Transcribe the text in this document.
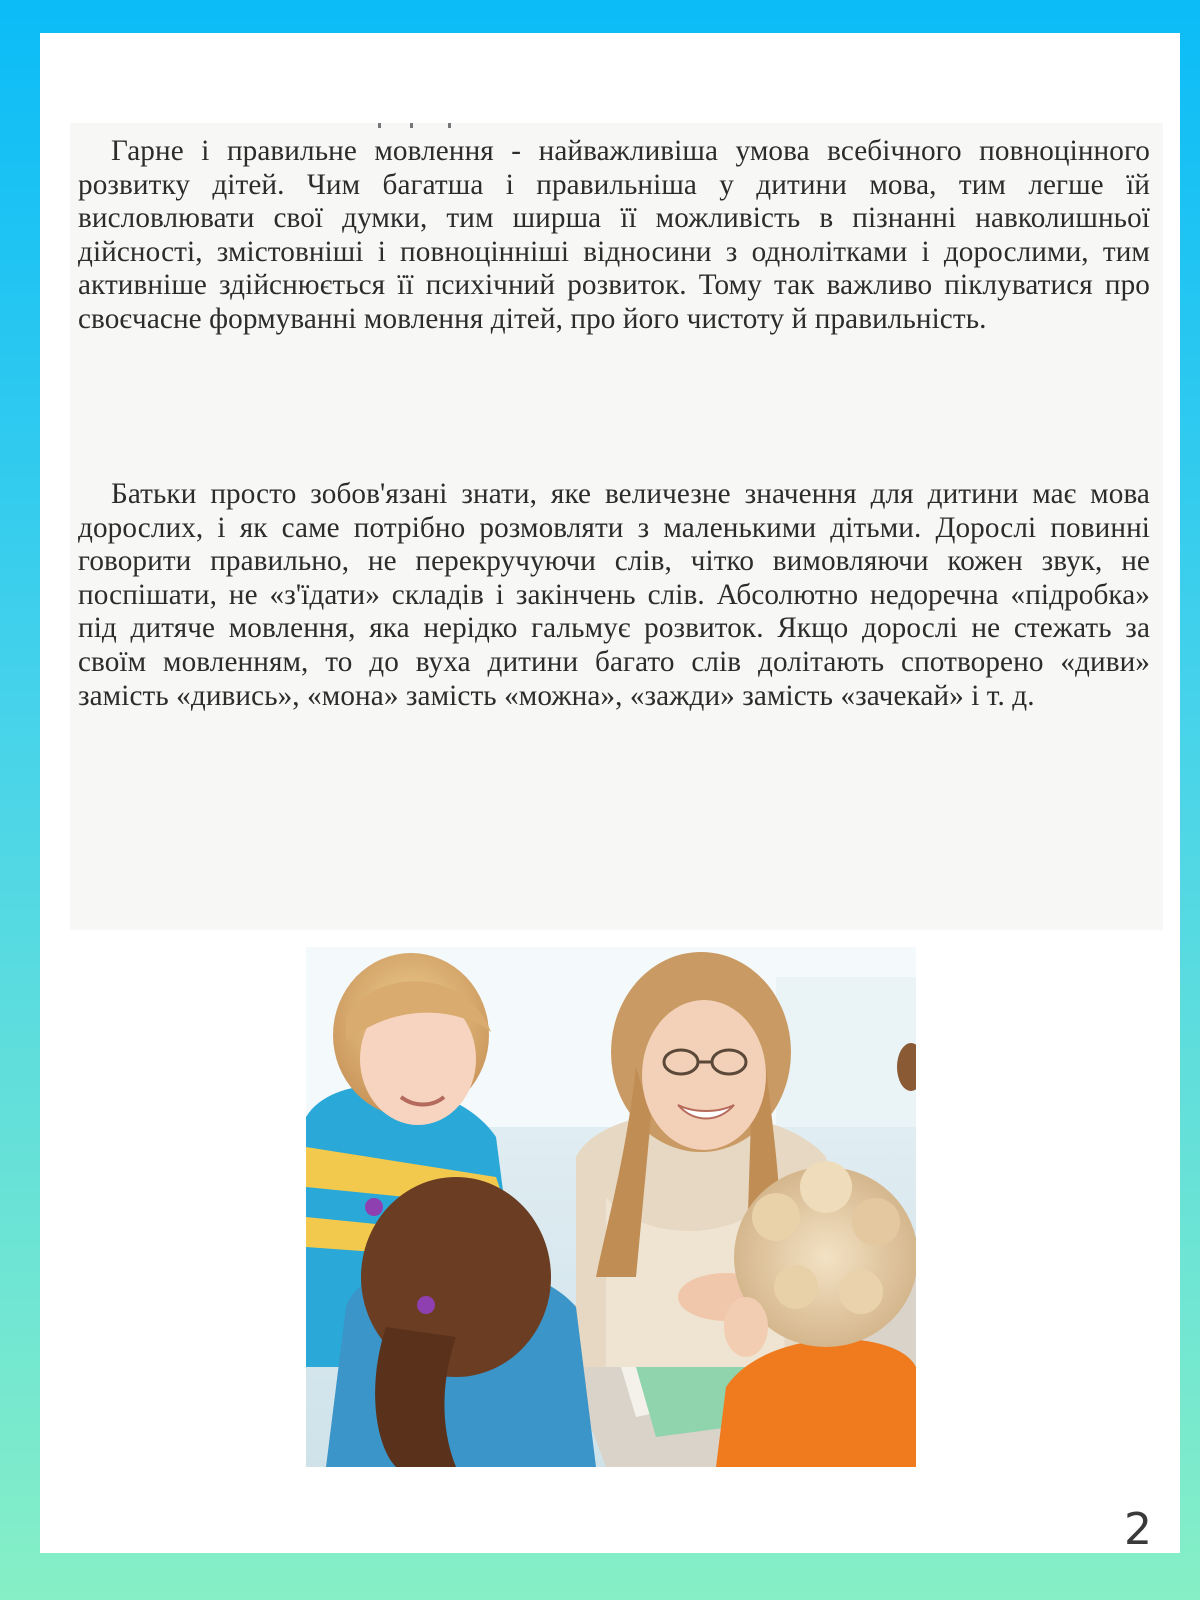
Гарне і правильне мовлення - найважливіша умова всебічного повноцінного розвитку дітей. Чим багатша і правильніша у дитини мова, тим легше їй висловлювати свої думки, тим ширша її можливість в пізнанні навколишньої дійсності, змістовніші і повноцінніші відносини з однолітками і дорослими, тим активніше здійснюється її психічний розвиток. Тому так важливо піклуватися про своєчасне формуванні мовлення дітей, про його чистоту й правильність.

Батьки просто зобов'язані знати, яке величезне значення для дитини має мова дорослих, і як саме потрібно розмовляти з маленькими дітьми. Дорослі повинні говорити правильно, не перекручуючи слів, чітко вимовляючи кожен звук, не поспішати, не «з'їдати» складів і закінчень слів. Абсолютно недоречна «підробка» під дитяче мовлення, яка нерідко гальмує розвиток. Якщо дорослі не стежать за своїм мовленням, то до вуха дитини багато слів долітають спотворено «диви» замість «дивись», «мона» замість «можна», «зажди» замість «зачекай» і т. д.

2
